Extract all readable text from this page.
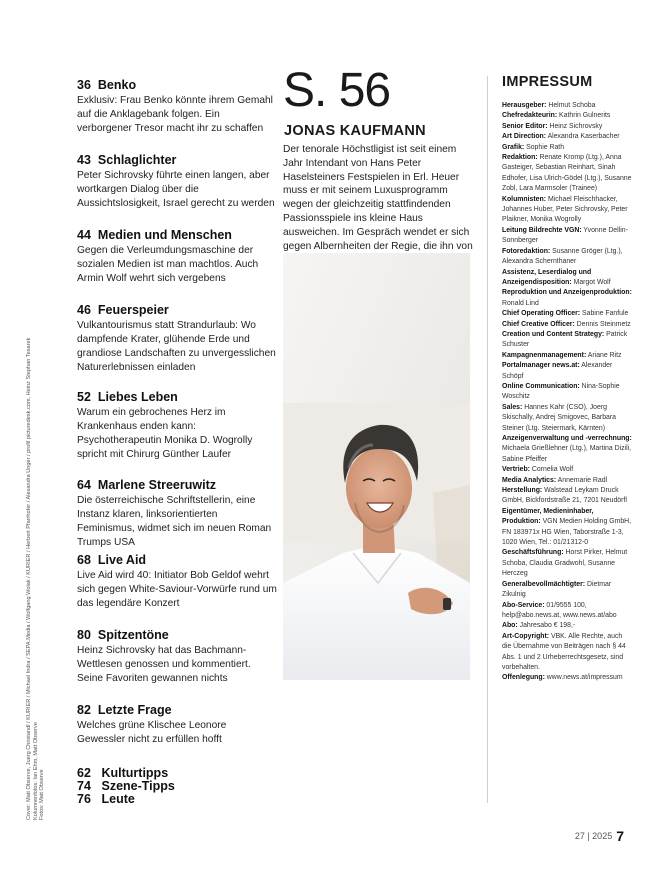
36 Benko
Exklusiv: Frau Benko könnte ihrem Gemahl auf die Anklagebank folgen. Ein verborgener Tresor macht ihr zu schaffen
43 Schlaglichter
Peter Sichrovsky führte einen langen, aber wortkargen Dialog über die Aussichtslosigkeit, Israel gerecht zu werden
44 Medien und Menschen
Gegen die Verleumdungsmaschine der sozialen Medien ist man machtlos. Auch Armin Wolf wehrt sich vergebens
46 Feuerspeier
Vulkantourismus statt Strandurlaub: Wo dampfende Krater, glühende Erde und grandiose Landschaften zu unvergesslichen Naturerlebnissen einladen
52 Liebes Leben
Warum ein gebrochenes Herz im Krankenhaus enden kann: Psychotherapeutin Monika D. Wogrolly spricht mit Chirurg Günther Laufer
64 Marlene Streeruwitz
Die österreichische Schriftstellerin, eine Instanz klaren, linksorientierten Feminismus, widmet sich im neuen Roman Trumps USA
68 Live Aid
Live Aid wird 40: Initiator Bob Geldof wehrt sich gegen White-Saviour-Vorwürfe rund um das legendäre Konzert
80 Spitzentöne
Heinz Sichrovsky hat das Bachmann-Wettlesen genossen und kommentiert. Seine Favoriten gewannen nichts
82 Letzte Frage
Welches grüne Klischee Leonore Gewessler nicht zu erfüllen hofft
62 Kulturtipps
74 Szene-Tipps
76 Leute
Cover: Matt Observe, Juerg Christandl / KURIER / Michael Indra / SEPA.Media / Wolfgang Wolak / KURIER / Herbert Pfarrhofer / Alexandra Unger / profil picturedesk.com, Heinz Stephan Tesarek Kolumnenfotos: Ian Ehm, Matt Observe Fotos: Matt Observe
S. 56
JONAS KAUFMANN
Der tenorale Höchstligist ist seit einem Jahr Intendant von Hans Peter Haselsteiners Festspielen in Erl. Heuer muss er mit seinem Luxusprogramm wegen der gleichzeitig stattfindenden Passionsspiele ins kleine Haus ausweichen. Im Gespräch wendet er sich gegen Albernheiten der Regie, die ihn von
IMPRESSUM
Herausgeber: Helmut Schoba
Chefredakteurin: Kathrin Gulnerits
Senior Editor: Heinz Sichrovsky
Art Direction: Alexandra Kaserbacher
Grafik: Sophie Rath
Redaktion: Renate Kromp (Ltg.), Anna Gasteiger, Sebastian Reinhart, Sinah Edhofer, Lisa Ulrich-Gödel (Ltg.), Susanne Zobl, Lara Marmsoler (Trainee)
Kolumnisten: Michael Fleischhacker, Johannes Huber, Peter Sichrovsky, Peter Plaikner, Monika Wogrolly
Leitung Bildrechte VGN: Yvonne Dellin-Sonnberger
Fotoredaktion: Susanne Gröger (Ltg.), Alexandra Schernthaner
Assistenz, Leserdialog und Anzeigendisposition: Margot Wolf
Reproduktion und Anzeigenproduktion: Ronald Lind
Chief Operating Officer: Sabine Fanfule
Chief Creative Officer: Dennis Steinmetz
Creation und Content Strategy: Patrick Schuster
Kampagnenmanagement: Ariane Ritz
Portalmanager news.at: Alexander Schöpf
Online Communication: Nina-Sophie Woschitz
Sales: Hannes Kahr (CSO), Joerg Skischally, Andrej Smigovec, Barbara Steiner (Ltg. Steiermark, Kärnten)
Anzeigenverwaltung und -verrechnung: Michaela Grießlehner (Ltg.), Martina Dizili, Sabine Pfeiffer
Vertrieb: Cornelia Wolf
Media Analytics: Annemarie Radl
Herstellung: Walstead Leykam Druck GmbH, Bickfordstraße 21, 7201 Neudörfl
Eigentümer, Medieninhaber, Produktion: VGN Medien Holding GmbH, FN 183971x HG Wien, Taborstraße 1-3, 1020 Wien, Tel.: 01/21312-0
Geschäftsführung: Horst Pirker, Helmut Schoba, Claudia Gradwohl, Susanne Herczeg
Generalbevollmächtigter: Dietmar Zikulnig
Abo-Service: 01/9555 100, help@abo.news.at, www.news.at/abo
Abo: Jahresabo € 198,-
Art-Copyright: VBK. Alle Rechte, auch die Übernahme von Beiträgen nach § 44 Abs. 1 und 2 Urheberrechtsgesetz, sind vorbehalten.
Offenlegung: www.news.at/impressum
27 | 2025 7
